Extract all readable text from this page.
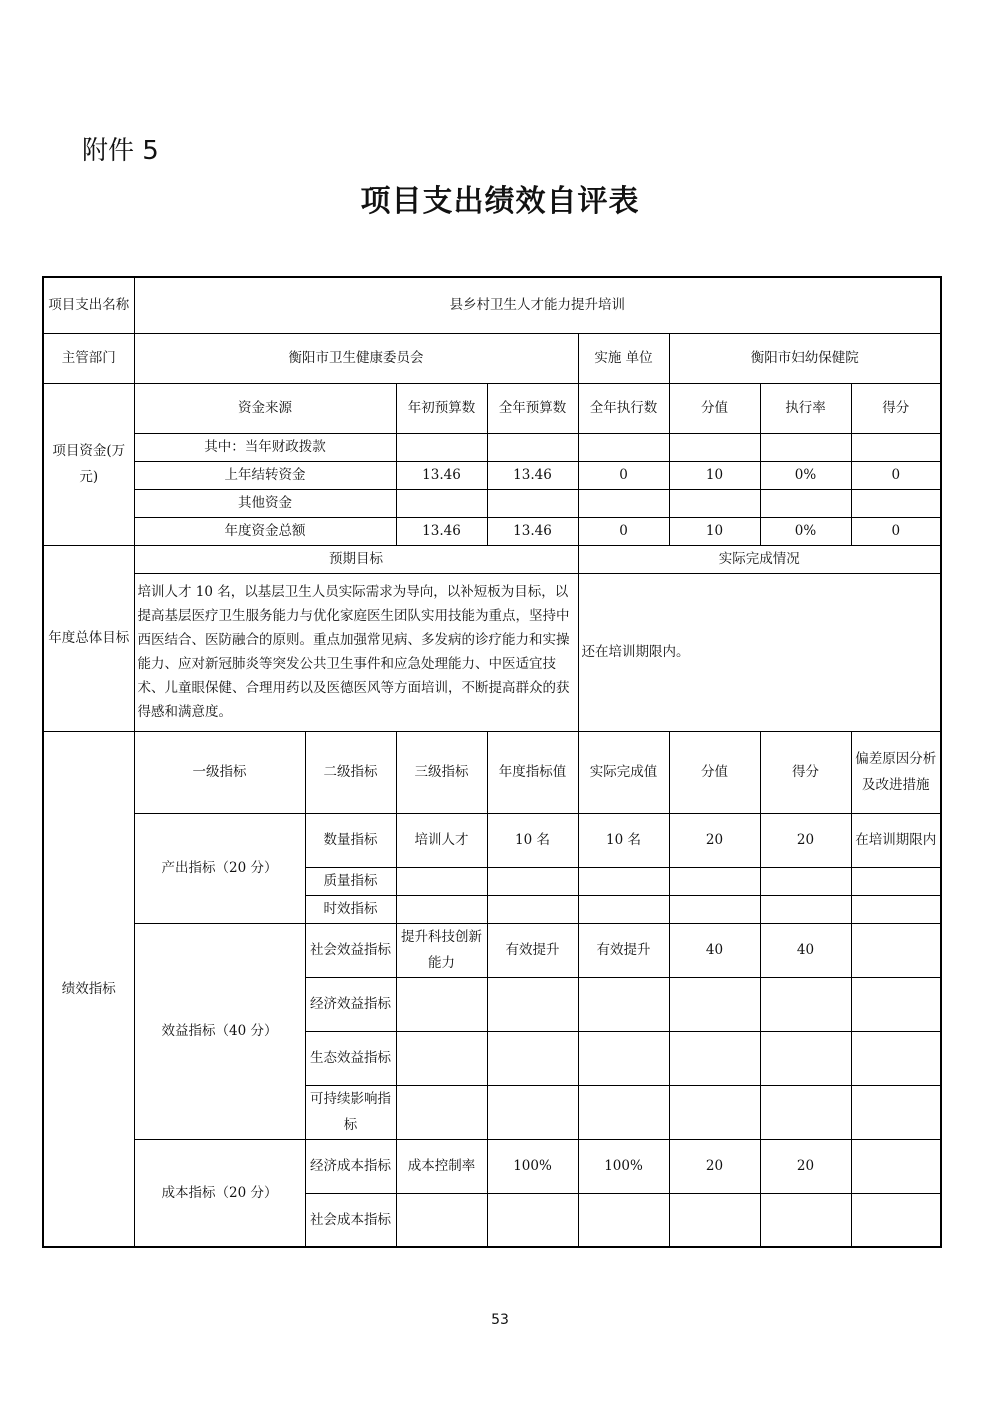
附件 5
项目支出绩效自评表
项目支出名称	县乡村卫生人才能力提升培训							
主管部门	衡阳市卫生健康委员会				实施 单位	衡阳市妇幼保健院		
项目资金(万元)	资金来源		年初预算数	全年预算数	全年执行数	分值	执行率	得分
	其中：当年财政拨款							
	上年结转资金		13.46	13.46	0	10	0%	0
	其他资金							
	年度资金总额		13.46	13.46	0	10	0%	0
年度总体目标	预期目标				实际完成情况			
	培训人才 10 名，以基层卫生人员实际需求为导向，以补短板为目标，以提高基层医疗卫生服务能力与优化家庭医生团队实用技能为重点，坚持中西医结合、医防融合的原则。重点加强常见病、多发病的诊疗能力和实操能力、应对新冠肺炎等突发公共卫生事件和应急处理能力、中医适宜技术、儿童眼保健、合理用药以及医德医风等方面培训，不断提高群众的获得感和满意度。				还在培训期限内。			
绩效指标	一级指标	二级指标	三级指标	年度指标值	实际完成值	分值	得分	偏差原因分析及改进措施
	产出指标（20 分）	数量指标	培训人才	10 名	10 名	20	20	在培训期限内
		质量指标						
		时效指标						
	效益指标（40 分）	社会效益指标	提升科技创新能力	有效提升	有效提升	40	40	
		经济效益指标						
		生态效益指标						
		可持续影响指标						
	成本指标（20 分）	经济成本指标	成本控制率	100%	100%	20	20	
		社会成本指标						
53
